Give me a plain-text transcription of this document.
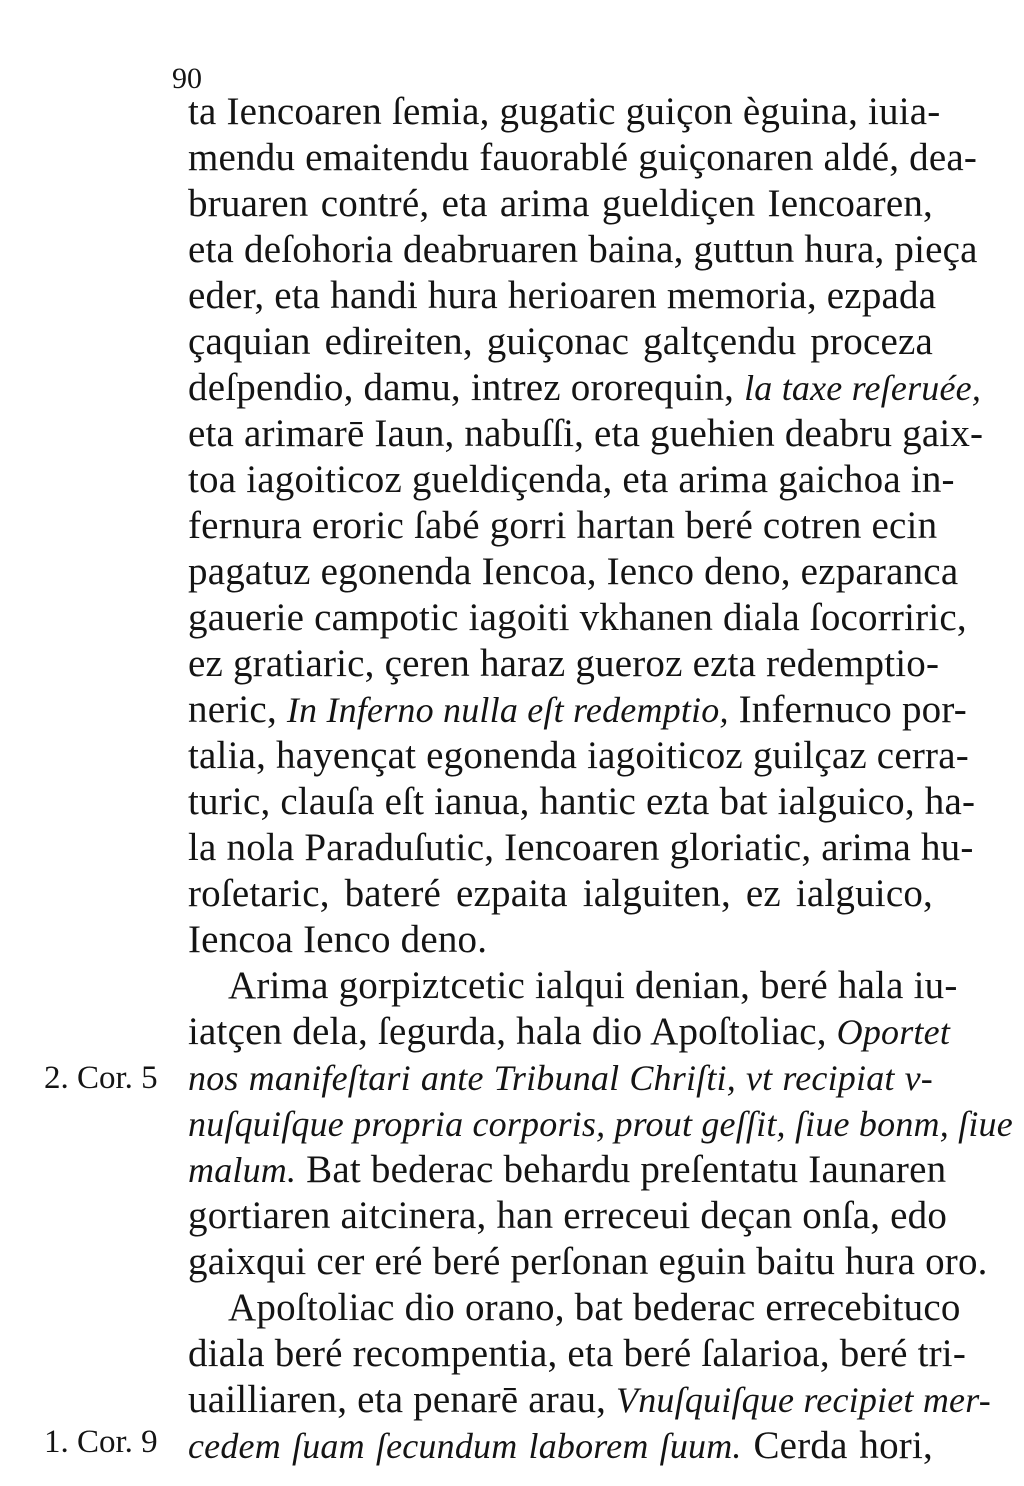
90
ta Iencoaren ſemia, gugatic guiçon èguina, iuia-
mendu emaitendu fauorablé guiçonaren aldé, dea-
bruaren contré, eta arima gueldiçen Iencoaren,
eta deſohoria deabruaren baina, guttun hura, pieça
eder, eta handi hura herioaren memoria, ezpada
çaquian edireiten, guiçonac galtçendu proceza
deſpendio, damu, intrez ororequin, la taxe reſeruée,
eta arimarē Iaun, nabuſſi, eta guehien deabru gaix-
toa iagoiticoz gueldiçenda, eta arima gaichoa in-
fernura eroric ſabé gorri hartan beré cotren ecin
pagatuz egonenda Iencoa, Ienco deno, ezparanca
gauerie campotic iagoiti vkhanen diala ſocorriric,
ez gratiaric, çeren haraz gueroz ezta redemptio-
neric, In Inferno nulla eſt redemptio, Infernuco por-
talia, hayençat egonenda iagoiticoz guilçaz cerra-
turic, clauſa eſt ianua, hantic ezta bat ialguico, ha-
la nola Paraduſutic, Iencoaren gloriatic, arima hu-
roſetaric, bateré ezpaita ialguiten, ez ialguico,
Iencoa Ienco deno.
Arima gorpiztcetic ialqui denian, beré hala iu-
iatçen dela, ſegurda, hala dio Apoſtoliac, Oportet
nos manifeſtari ante Tribunal Chriſti, vt recipiat v-
nuſquiſque propria corporis, prout geſſit, ſiue bonm, ſiue
malum. Bat bederac behardu preſentatu Iaunaren
gortiaren aitcinera, han erreceui deçan onſa, edo
gaixqui cer eré beré perſonan eguin baitu hura oro.
Apoſtoliac dio orano, bat bederac errecebituco
diala beré recompentia, eta beré ſalarioa, beré tri-
uailliaren, eta penarē arau, Vnuſquiſque recipiet mer-
cedem ſuam ſecundum laborem ſuum. Cerda hori,
2. Cor. 5
1. Cor. 9
